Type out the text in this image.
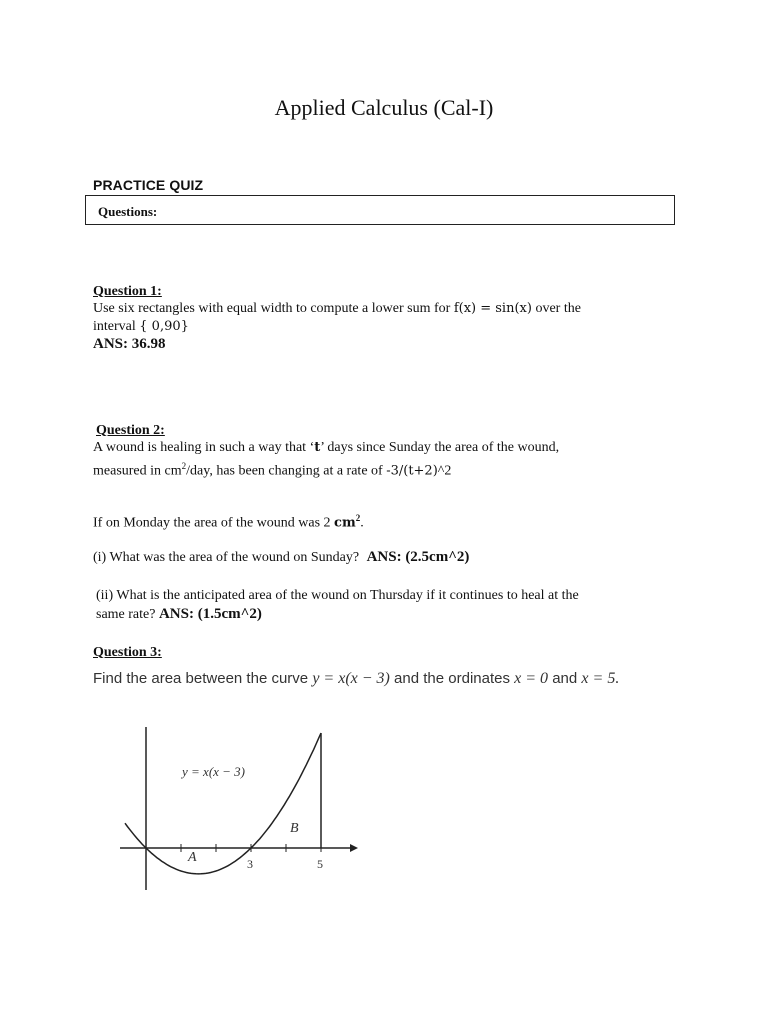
Applied Calculus (Cal-I)
PRACTICE QUIZ
Questions:
Question 1:
Use six rectangles with equal width to compute a lower sum for f(x) = sin(x) over the
interval { 0,90}
ANS: 36.98
Question 2:
A wound is healing in such a way that ‘t’ days since Sunday the area of the wound,
measured in $cm^2$/day, has been changing at a rate of -3/(t+2)^2
If on Monday the area of the wound was 2 $cm^2$.
(i) What was the area of the wound on Sunday? ANS: (2.5cm^2)
(ii) What is the anticipated area of the wound on Thursday if it continues to heal at the
same rate? ANS: (1.5cm^2)
Question 3:
Find the area between the curve y = x(x − 3) and the ordinates x = 0 and x = 5.
y = x(x − 3)
A
B
3	5
